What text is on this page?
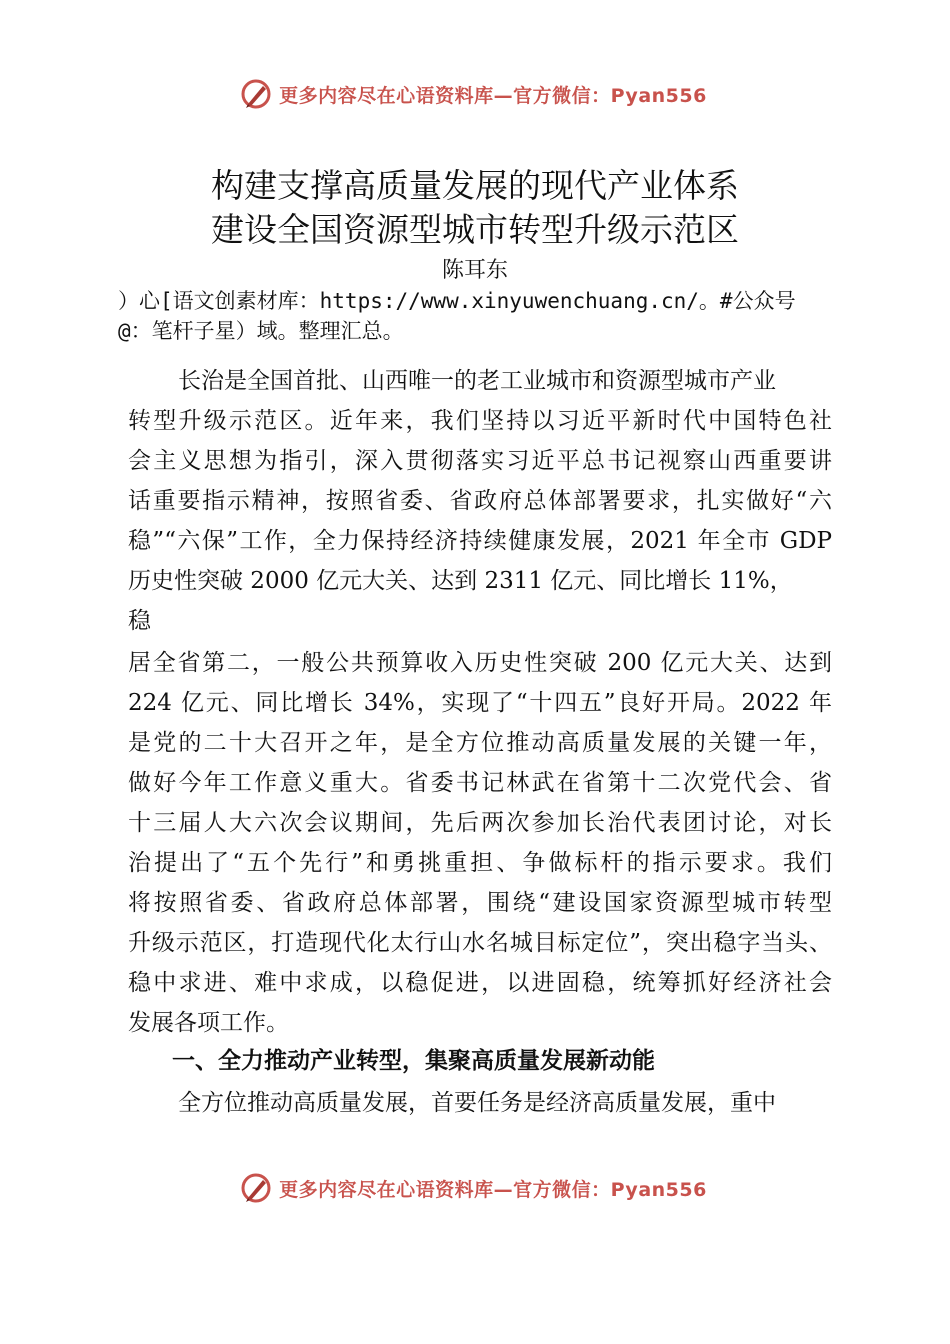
更多内容尽在心语资料库—官方微信：Pyan556
构建支撑高质量发展的现代产业体系
建设全国资源型城市转型升级示范区
陈耳东
）心[语文创素材库：https://www.xinyuwenchuang.cn/。#公众号
@：笔杆子星）域。整理汇总。
长治是全国首批、山西唯一的老工业城市和资源型城市产业
转型升级示范区。近年来，我们坚持以习近平新时代中国特色社
会主义思想为指引，深入贯彻落实习近平总书记视察山西重要讲
话重要指示精神，按照省委、省政府总体部署要求，扎实做好“六
稳”“六保”工作，全力保持经济持续健康发展，2021 年全市 GDP
历史性突破 2000 亿元大关、达到 2311 亿元、同比增长 11%，
稳
居全省第二，一般公共预算收入历史性突破 200 亿元大关、达到
224 亿元、同比增长 34%，实现了“十四五”良好开局。2022 年
是党的二十大召开之年，是全方位推动高质量发展的关键一年，
做好今年工作意义重大。省委书记林武在省第十二次党代会、省
十三届人大六次会议期间，先后两次参加长治代表团讨论，对长
治提出了“五个先行”和勇挑重担、争做标杆的指示要求。我们
将按照省委、省政府总体部署，围绕“建设国家资源型城市转型
升级示范区，打造现代化太行山水名城目标定位”，突出稳字当头、
稳中求进、难中求成，以稳促进，以进固稳，统筹抓好经济社会
发展各项工作。
一、全力推动产业转型，集聚高质量发展新动能
全方位推动高质量发展，首要任务是经济高质量发展，重中
更多内容尽在心语资料库—官方微信：Pyan556
